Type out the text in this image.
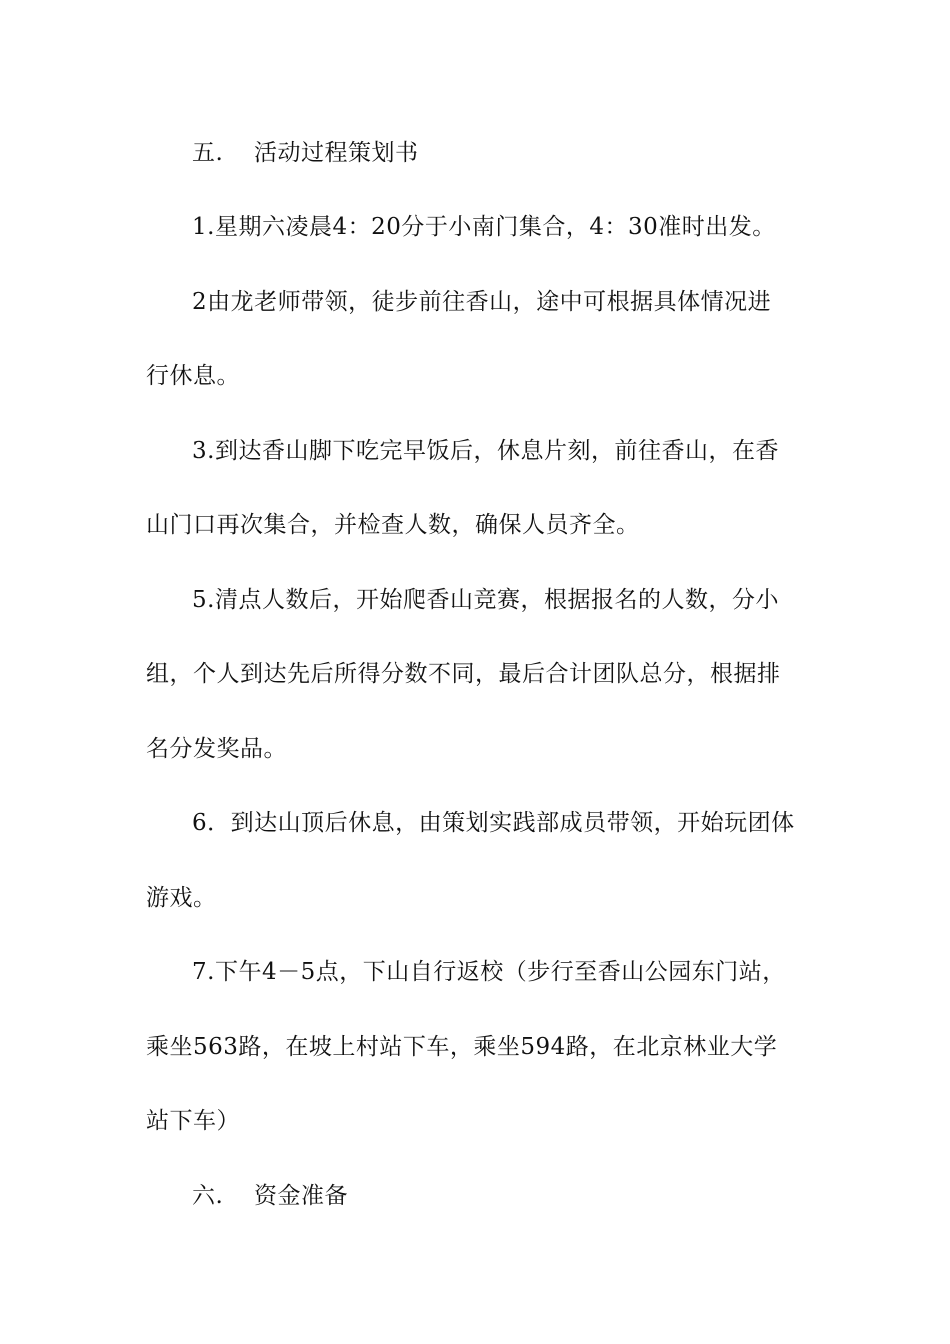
五. 活动过程策划书
1.星期六凌晨4：20分于小南门集合，4：30准时出发。
2由龙老师带领，徒步前往香山，途中可根据具体情况进
行休息。
3.到达香山脚下吃完早饭后，休息片刻，前往香山，在香
山门口再次集合，并检查人数，确保人员齐全。
5.清点人数后，开始爬香山竞赛，根据报名的人数，分小
组，个人到达先后所得分数不同，最后合计团队总分，根据排
名分发奖品。
6．到达山顶后休息，由策划实践部成员带领，开始玩团体
游戏。
7.下午4－5点，下山自行返校（步行至香山公园东门站，
乘坐563路，在坡上村站下车，乘坐594路，在北京林业大学
站下车）
六. 资金准备
